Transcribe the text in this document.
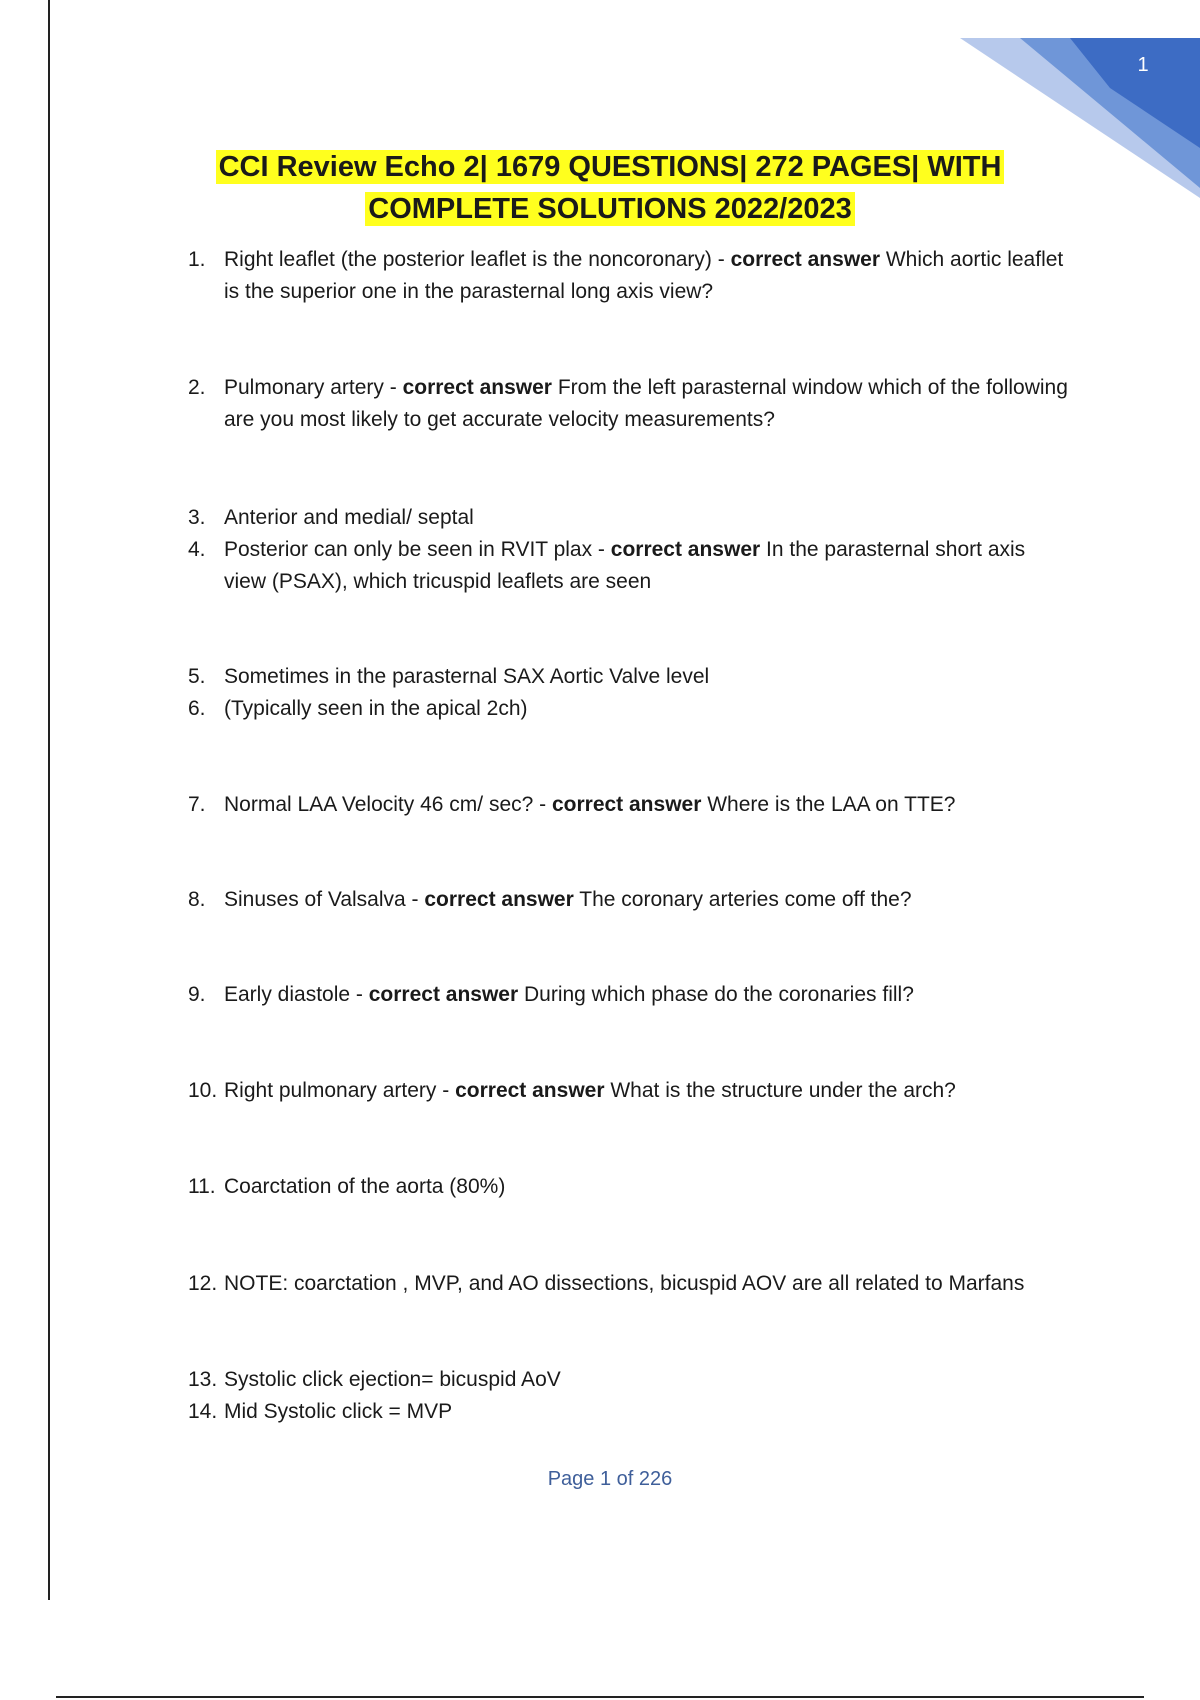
1
CCI Review Echo 2| 1679 QUESTIONS| 272 PAGES| WITH COMPLETE SOLUTIONS 2022/2023
1. Right leaflet (the posterior leaflet is the noncoronary) - correct answer Which aortic leaflet is the superior one in the parasternal long axis view?
2. Pulmonary artery - correct answer From the left parasternal window which of the following are you most likely to get accurate velocity measurements?
3. Anterior and medial/ septal
4. Posterior can only be seen in RVIT plax - correct answer In the parasternal short axis view (PSAX), which tricuspid leaflets are seen
5. Sometimes in the parasternal SAX Aortic Valve level
6. (Typically seen in the apical 2ch)
7. Normal LAA Velocity 46 cm/ sec? - correct answer Where is the LAA on TTE?
8. Sinuses of Valsalva - correct answer The coronary arteries come off the?
9. Early diastole - correct answer During which phase do the coronaries fill?
10. Right pulmonary artery - correct answer What is the structure under the arch?
11. Coarctation of the aorta (80%)
12. NOTE: coarctation , MVP, and AO dissections, bicuspid AOV are all related to Marfans
13. Systolic click ejection= bicuspid AoV
14. Mid Systolic click = MVP
Page 1 of 226
